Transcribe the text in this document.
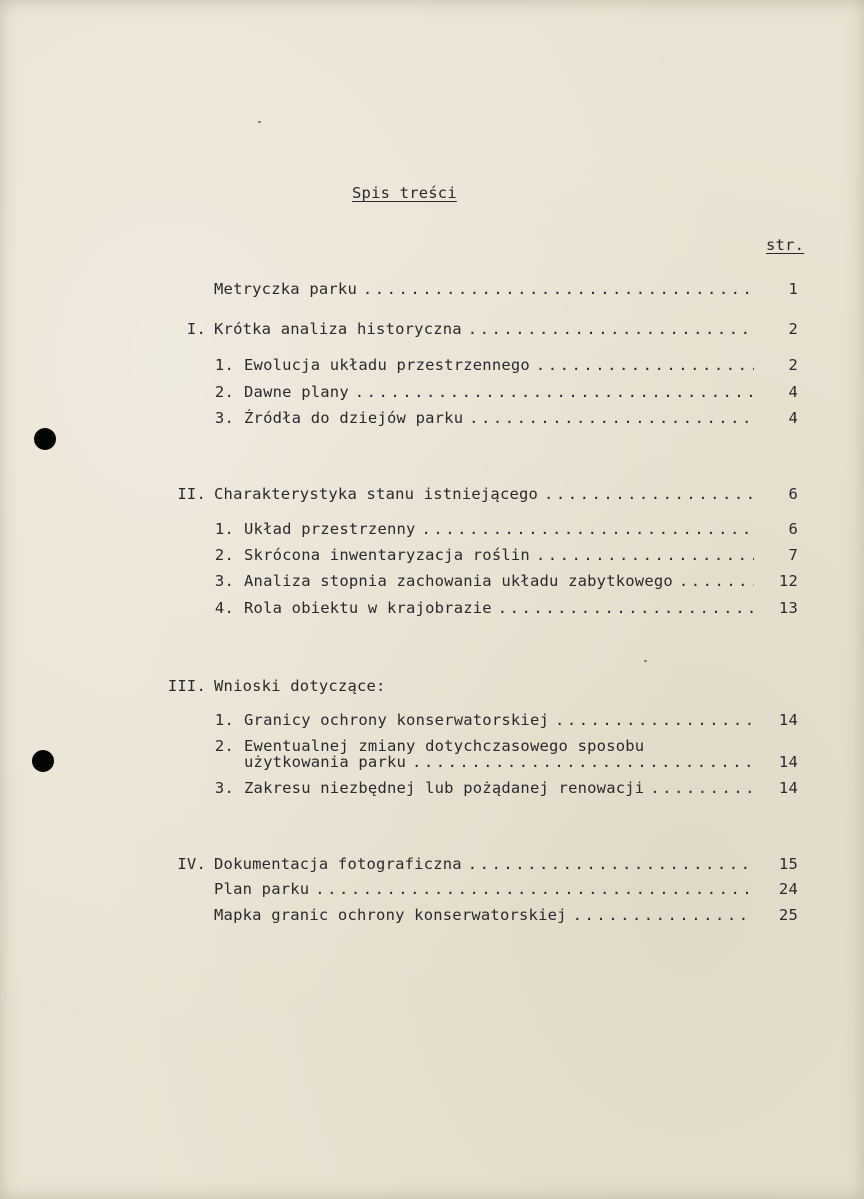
Spis treści
str.
Metryczka parku . . .	1
I. Krótka analiza historyczna . . .	2
1. Ewolucja układu przestrzennego . . .	2
2. Dawne plany . . .	4
3. Źródła do dziejów parku . . .	4
II. Charakterystyka stanu istniejącego . . .	6
1. Układ przestrzenny . . .	6
2. Skrócona inwentaryzacja roślin . . .	7
3. Analiza stopnia zachowania układu zabytkowego . . .	12
4. Rola obiektu w krajobrazie . . .	13
III. Wnioski dotyczące:
1. Granicy ochrony konserwatorskiej . . .	14
2. Ewentualnej zmiany dotychczasowego sposobu
użytkowania parku . . .	14
3. Zakresu niezbędnej lub pożądanej renowacji . . .	14
IV. Dokumentacja fotograficzna . . .	15
Plan parku . . .	24
Mapka granic ochrony konserwatorskiej . . .	25
